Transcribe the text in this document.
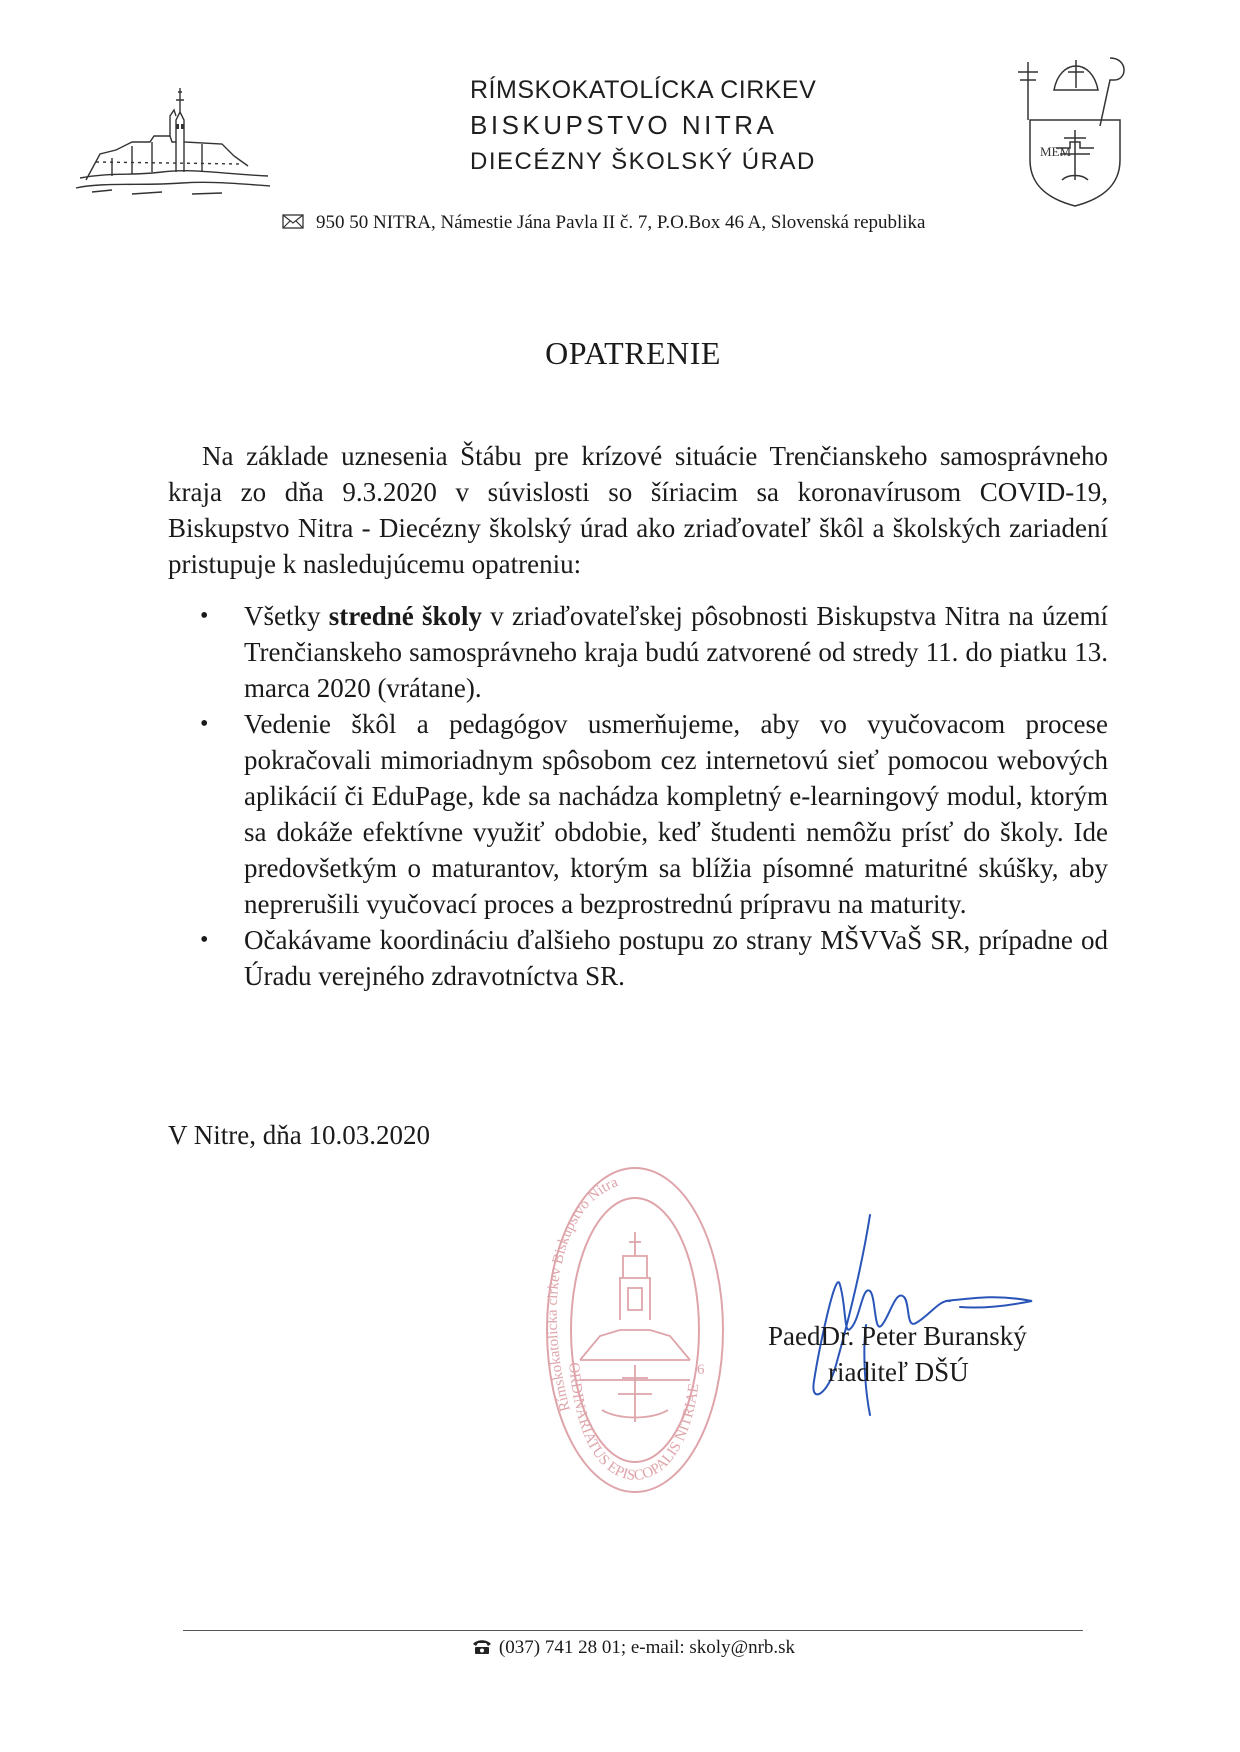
RÍMSKOKATOLÍCKA CIRKEV

BISKUPSTVO NITRA

DIECÉZNY ŠKOLSKÝ ÚRAD	MEM
950 50 NITRA, Námestie Jána Pavla II č. 7, P.O.Box 46 A, Slovenská republika
OPATRENIE

Na základe uznesenia Štábu pre krízové situácie Trenčianskeho samosprávneho kraja zo dňa 9.3.2020 v súvislosti so šíriacim sa koronavírusom COVID-19, Biskupstvo Nitra - Diecézny školský úrad ako zriaďovateľ škôl a školských zariadení pristupuje k nasledujúcemu opatreniu:

• Všetky stredné školy v zriaďovateľskej pôsobnosti Biskupstva Nitra na území Trenčianskeho samosprávneho kraja budú zatvorené od stredy 11. do piatku 13. marca 2020 (vrátane).
• Vedenie škôl a pedagógov usmerňujeme, aby vo vyučovacom procese pokračovali mimoriadnym spôsobom cez internetovú sieť pomocou webových aplikácií či EduPage, kde sa nachádza kompletný e-learningový modul, ktorým sa dokáže efektívne využiť obdobie, keď študenti nemôžu prísť do školy. Ide predovšetkým o maturantov, ktorým sa blížia písomné maturitné skúšky, aby neprerušili vyučovací proces a bezprostrednú prípravu na maturity.
• Očakávame koordináciu ďalšieho postupu zo strany MŠVVaŠ SR, prípadne od Úradu verejného zdravotníctva SR.
V Nitre, dňa 10.03.2020
Rímskokatolícka cirkev Biskupstvo Nitra
ORDINARIATUS EPISCOPALIS NITRIAE
6
PaedDr. Peter Buranský
riaditeľ DŠÚ
(037) 741 28 01; e-mail: skoly@nrb.sk
